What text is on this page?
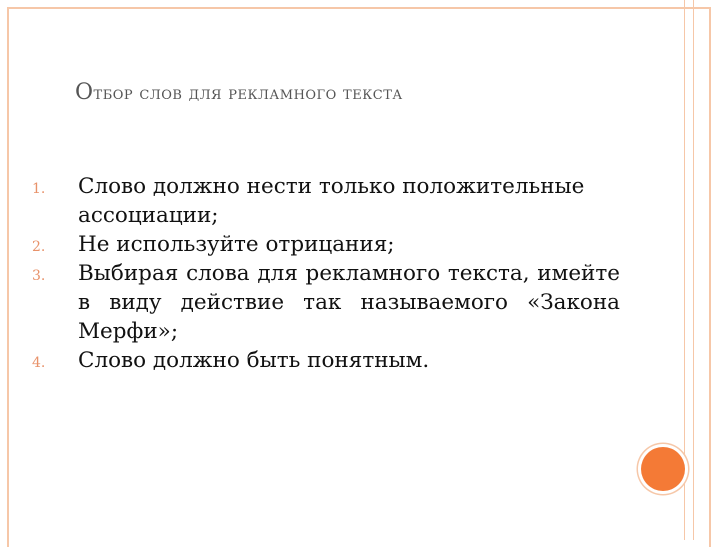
Отбор слов для рекламного текста
1. Слово должно нести только положительные ассоциации;
2. Не используйте отрицания;
3. Выбирая слова для рекламного текста, имейте в виду действие так называемого «Закона Мерфи»;
4. Слово должно быть понятным.
